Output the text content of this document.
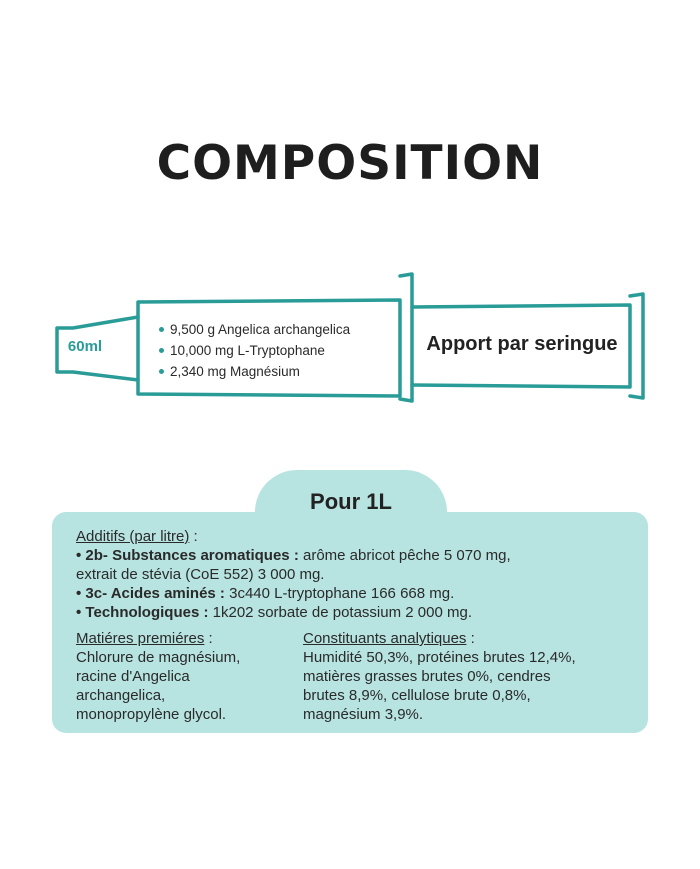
COMPOSITION
60ml
9,500 g Angelica archangelica
10,000 mg L-Tryptophane
2,340 mg Magnésium
Apport par seringue
Pour 1L
Additifs (par litre) :
• 2b- Substances aromatiques : arôme abricot pêche 5 070 mg,
extrait de stévia (CoE 552) 3 000 mg.
• 3c- Acides aminés : 3c440 L-tryptophane 166 668 mg.
• Technologiques : 1k202 sorbate de potassium 2 000 mg.
Matiéres premiéres :
Chlorure de magnésium,
racine d'Angelica
archangelica,
monopropylène glycol.
Constituants analytiques :
Humidité 50,3%, protéines brutes 12,4%,
matières grasses brutes 0%, cendres
brutes 8,9%, cellulose brute 0,8%,
magnésium 3,9%.
